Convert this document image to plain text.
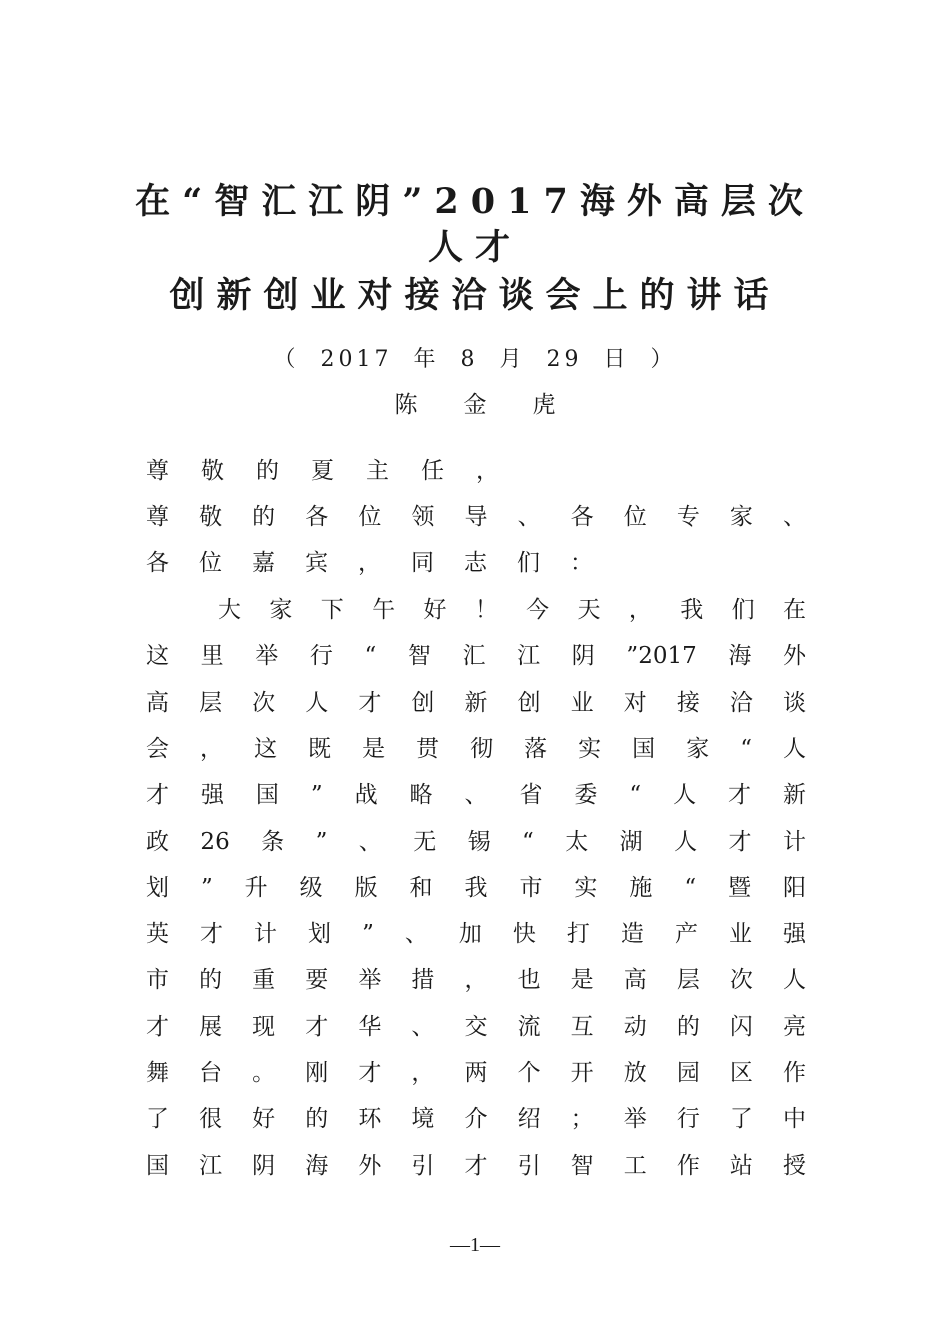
在“智汇江阴”2017海外高层次
人才
创新创业对接洽谈会上的讲话
（ 2017 年 8 月 29 日 ）
陈金虎
尊敬的夏主任，
尊敬的各位领导、各位专家、
各位嘉宾，同志们：
大家下午好！今天，我们在
这里举行“智汇江阴”2017海外
高层次人才创新创业对接洽谈
会，这既是贯彻落实国家“人
才强国”战略、省委“人才新
政26条”、无锡“太湖人才计
划”升级版和我市实施“暨阳
英才计划”、加快打造产业强
市的重要举措，也是高层次人
才展现才华、交流互动的闪亮
舞台。刚才，两个开放园区作
了很好的环境介绍；举行了中
国江阴海外引才引智工作站授
—1—
